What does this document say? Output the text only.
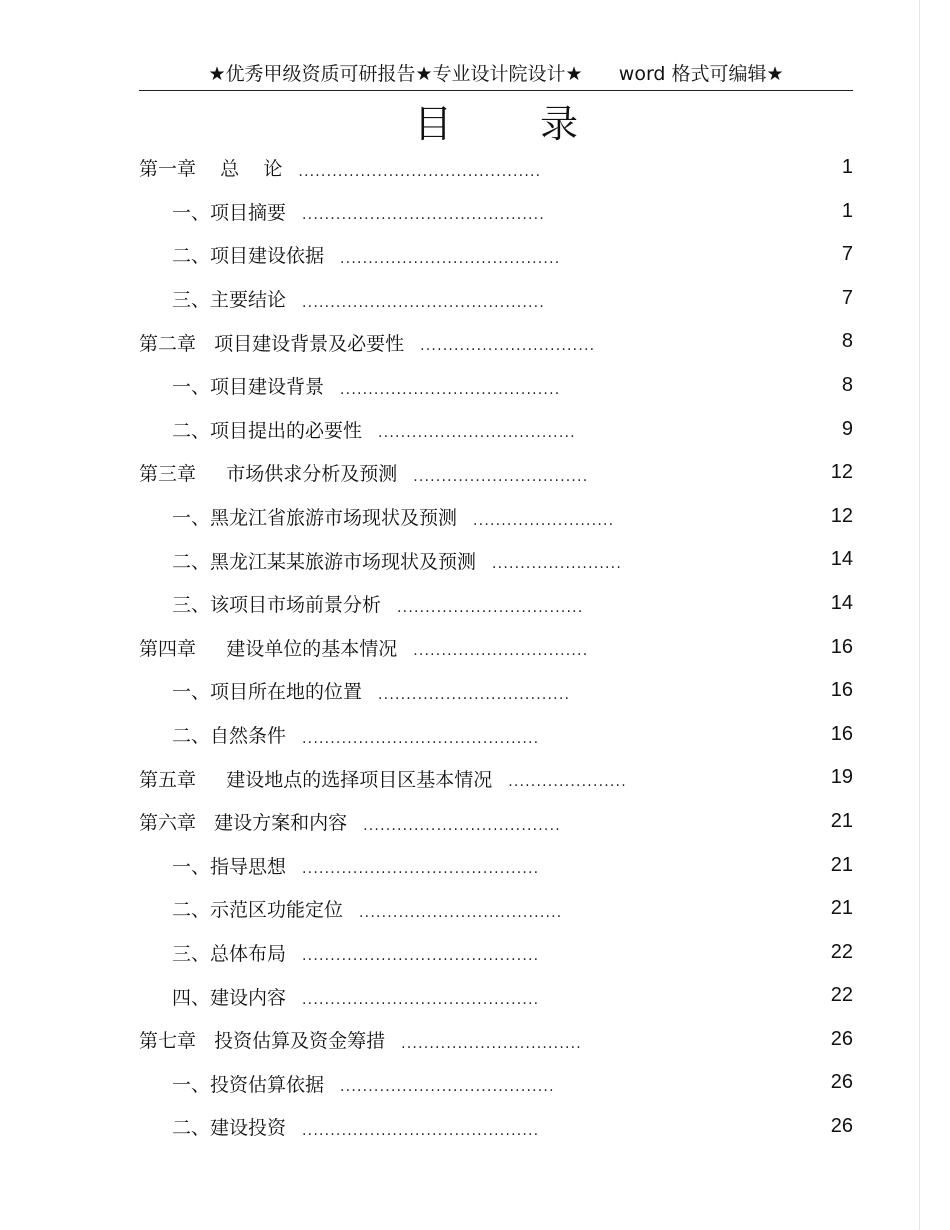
★优秀甲级资质可研报告★专业设计院设计★      word 格式可编辑★
目录
第一章    总    论 ...........................................	1
一、项目摘要 ...........................................	1
二、项目建设依据 .......................................	7
三、主要结论 ...........................................	7
第二章   项目建设背景及必要性 ...............................	8
一、项目建设背景 .......................................	8
二、项目提出的必要性 ...................................	9
第三章     市场供求分析及预测 ...............................	12
一、黑龙江省旅游市场现状及预测 .........................	12
二、黑龙江某某旅游市场现状及预测 .......................	14
三、该项目市场前景分析 .................................	14
第四章     建设单位的基本情况 ...............................	16
一、项目所在地的位置 ..................................	16
二、自然条件 ..........................................	16
第五章     建设地点的选择项目区基本情况 .....................	19
第六章   建设方案和内容 ...................................	21
一、指导思想 ..........................................	21
二、示范区功能定位 ....................................	21
三、总体布局 ..........................................	22
四、建设内容 ..........................................	22
第七章   投资估算及资金筹措 ................................	26
一、投资估算依据 ......................................	26
二、建设投资 ..........................................	26
